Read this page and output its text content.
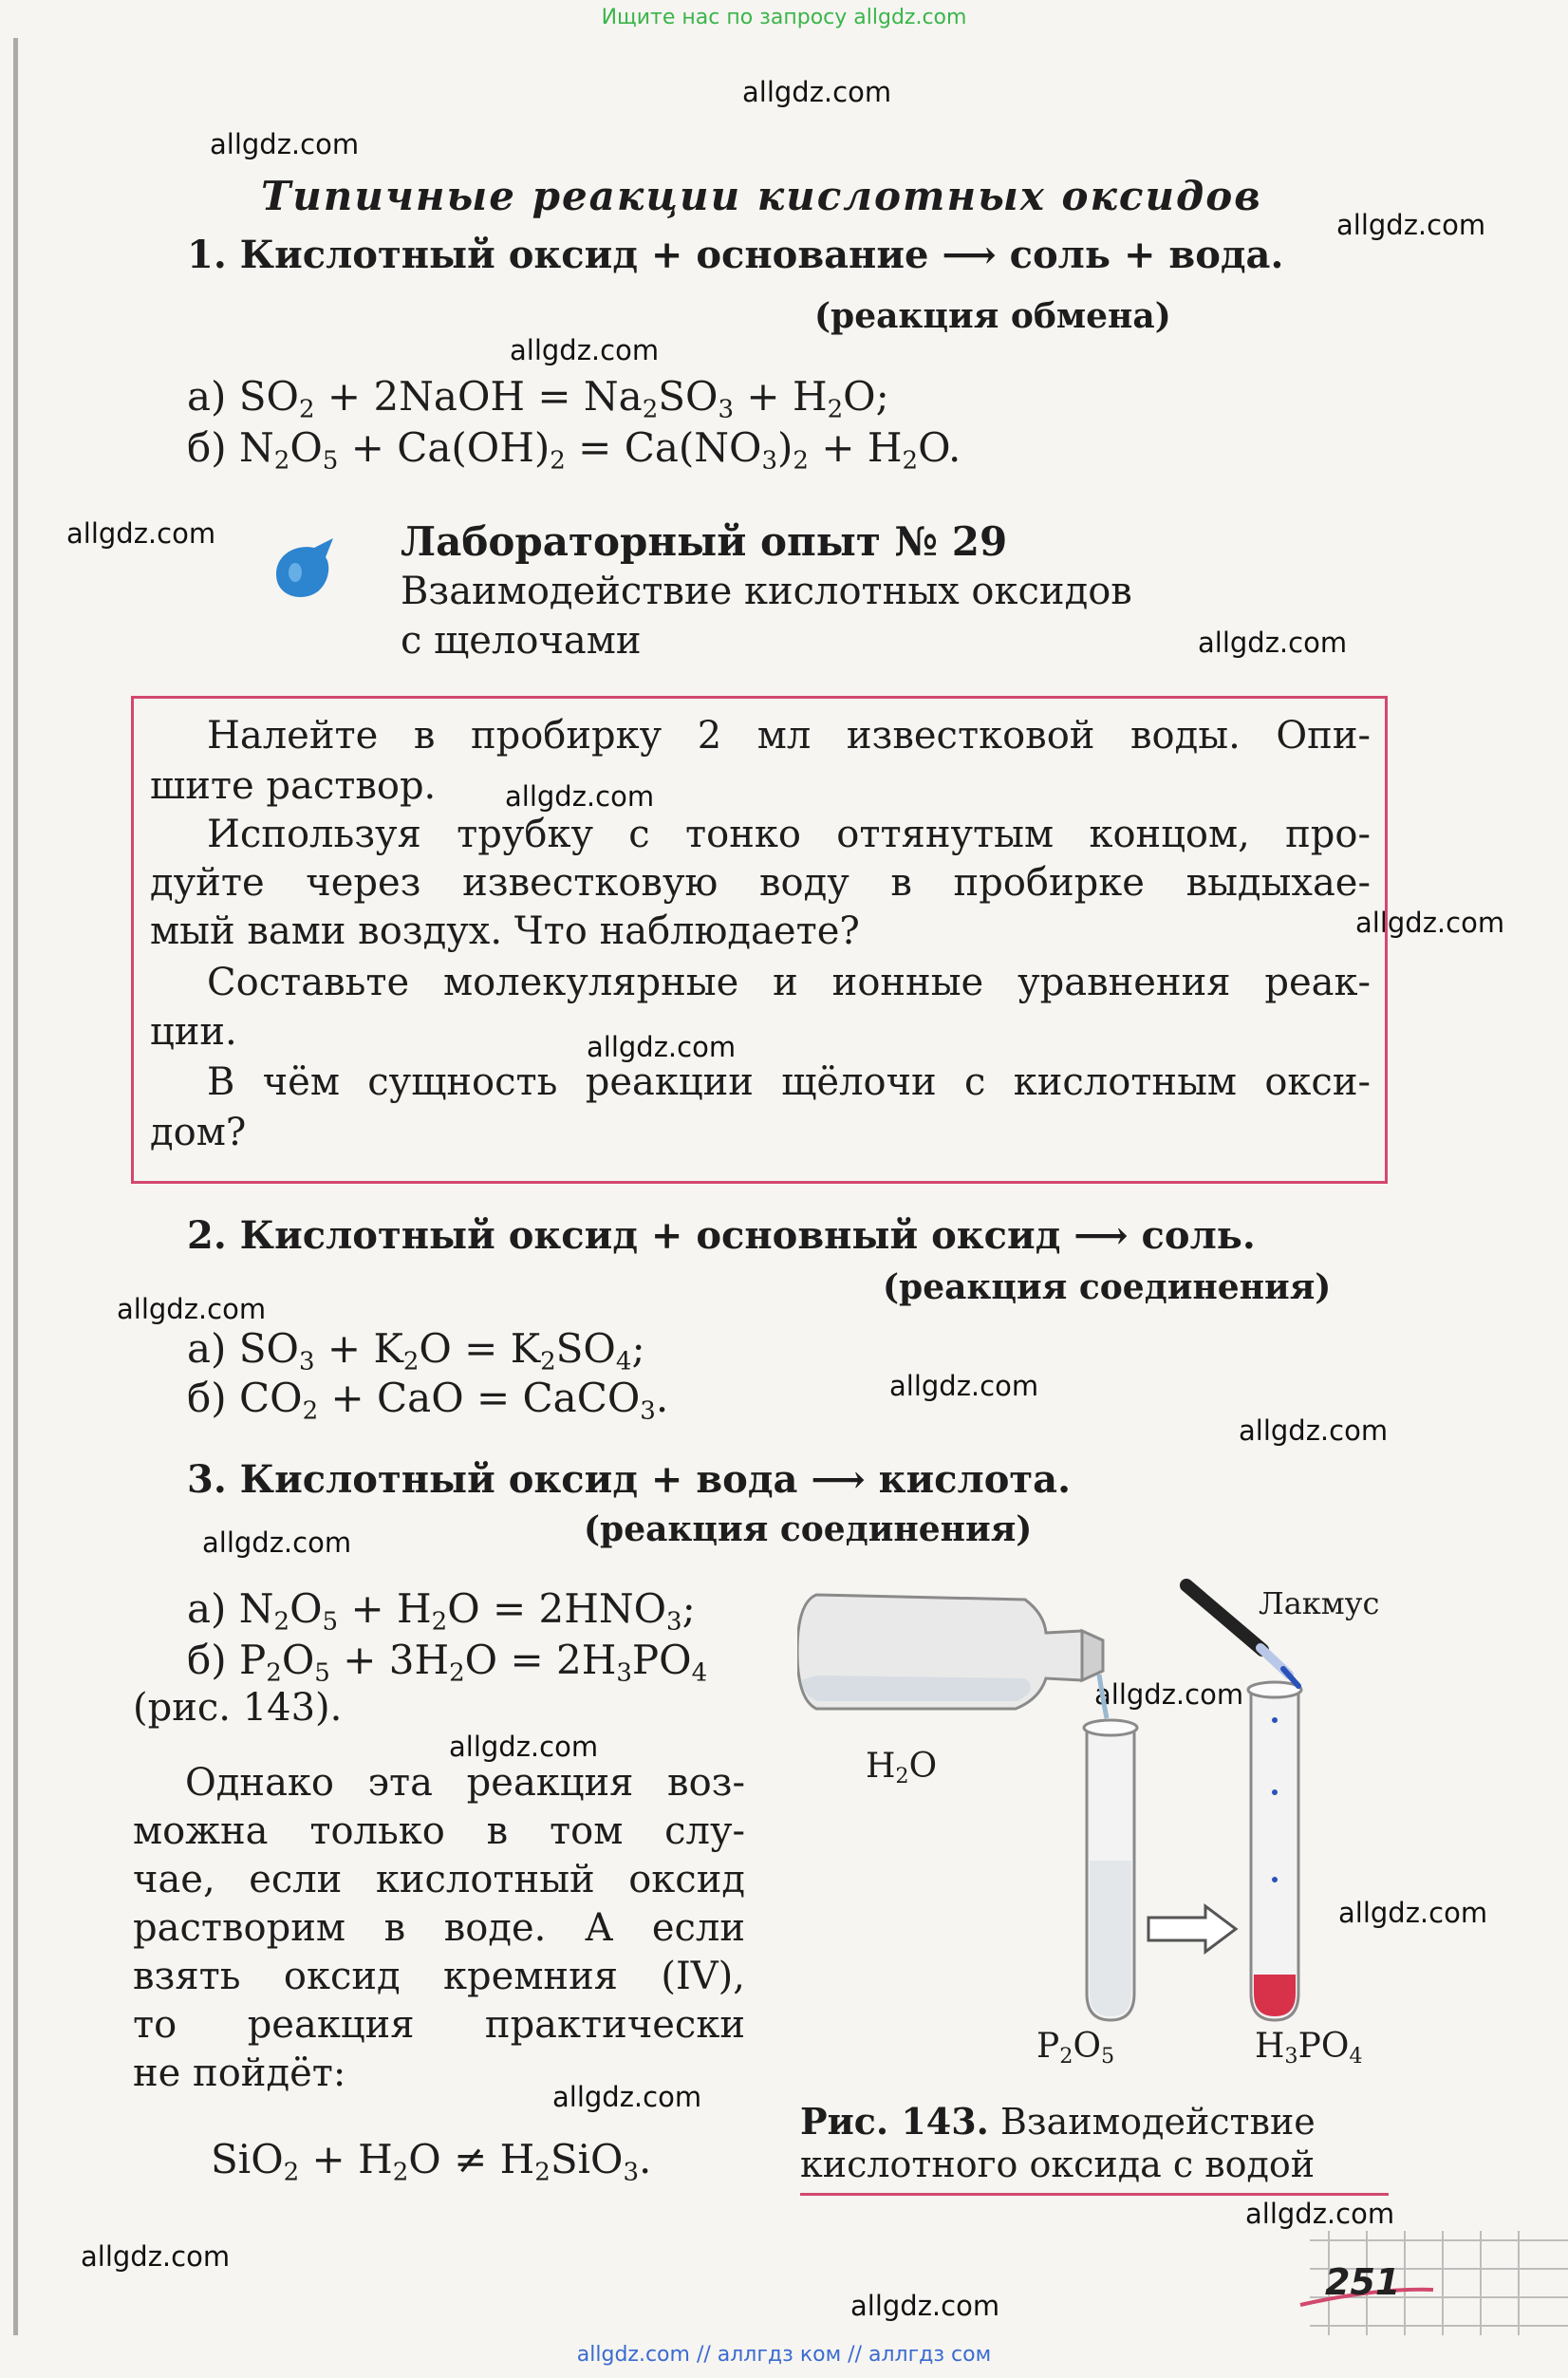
Ищите нас по запросу allgdz.com
allgdz.com
allgdz.com
allgdz.com
allgdz.com
allgdz.com
allgdz.com
allgdz.com
allgdz.com
allgdz.com
allgdz.com
allgdz.com
allgdz.com
allgdz.com
allgdz.com
allgdz.com
allgdz.com
allgdz.com
allgdz.com
allgdz.com
allgdz.com
Типичные реакции кислотных оксидов
1. Кислотный оксид + основание ⟶ соль + вода.
(реакция обмена)
а) $SO_2$ + 2NaOH = $Na_2SO_3 + H_2O$;
б) $N_2O_5 + Ca(OH)_2 = Ca(NO_3)_2 + H_2O$.
Лабораторный опыт № 29
Взаимодействие кислотных оксидов
с щелочами
Налейте в пробирку 2 мл известковой воды. Опи-
шите раствор.
Используя трубку с тонко оттянутым концом, про-
дуйте через известковую воду в пробирке выдыхае-
мый вами воздух. Что наблюдаете?
Составьте молекулярные и ионные уравнения реак-
ции.
В чём сущность реакции щёлочи с кислотным окси-
дом?
2. Кислотный оксид + основный оксид ⟶ соль.
(реакция соединения)
а) $SO_3 + K_2O = K_2SO_4$;
б) $CO_2$ + CaO = CaCO$_3$.
3. Кислотный оксид + вода ⟶ кислота.
(реакция соединения)
а) $N_2O_5 + H_2O = 2HNO_3$;
б) $P_2O_5 + 3H_2O = 2H_3PO_4$
(рис. 143).
Однако эта реакция воз-
можна только в том слу-
чае, если кислотный оксид
растворим в воде. А если
взять оксид кремния (IV),
то реакция практически
не пойдёт:
$SiO_2 + H_2O \ne H_2SiO_3$.
$H_2O$
Лакмус
$P_2O_5$	$H_3PO_4$
Рис. 143. Взаимодействие
кислотного оксида с водой
251
allgdz.com // аллгдз ком // аллгдз сом
